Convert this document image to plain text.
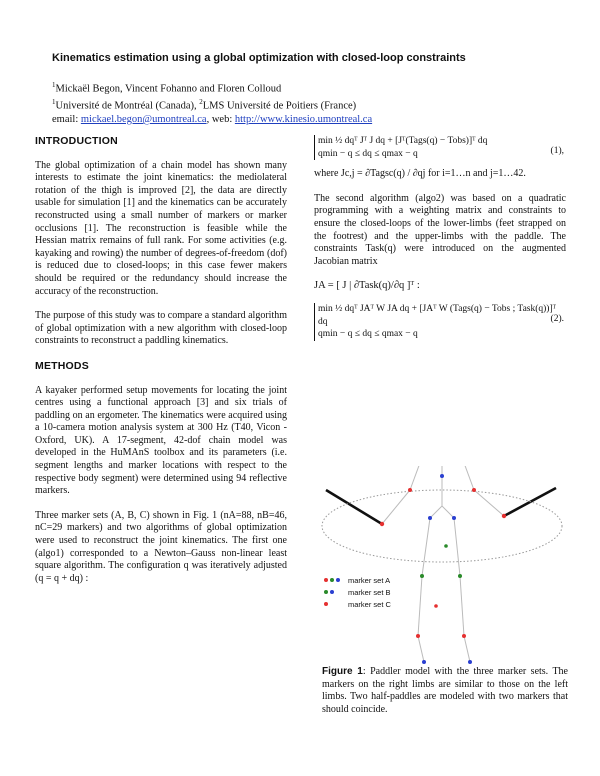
Kinematics estimation using a global optimization with closed-loop constraints
$^1$Mickaël Begon, Vincent Fohanno and Floren Colloud
$^1$Université de Montréal (Canada), $^2$LMS Université de Poitiers (France)
email: mickael.begon@umontreal.ca, web: http://www.kinesio.umontreal.ca
INTRODUCTION

The global optimization of a chain model has shown many interests to estimate the joint kinematics: the mediolateral rotation of the thigh is improved [2], the data are directly usable for simulation [1] and the kinematics can be accurately reconstructed using a small number of markers or marker occlusions [1]. The reconstruction is feasible while the Hessian matrix remains of full rank. For some activities (e.g. kayaking and rowing) the number of degrees-of-freedom (dof) is reduced due to closed-loops; in this case fewer makers should be required or the redundancy should increase the accuracy of the reconstruction.

The purpose of this study was to compare a standard algorithm of global optimization with a new algorithm with closed-loop constraints to reconstruct a paddling kinematics.

METHODS

A kayaker performed setup movements for locating the joint centres using a functional approach [3] and six trials of paddling on an ergometer. The kinematics were acquired using a 10-camera motion analysis system at 300 Hz (T40, Vicon - Oxford, UK). A 17-segment, 42-dof chain model was developed in the HuMAnS toolbox and its parameters (i.e. segment lengths and marker locations with respect to the respective body segment) were determined using 94 reflective markers.

Three marker sets (A, B, C) shown in Fig. 1 (nA=88, nB=46, nC=29 markers) and two algorithms of global optimization were used to reconstruct the joint kinematics. The first one (algo1) corresponded to a Newton–Gauss non-linear least square algorithm. The configuration q was iteratively adjusted (q = q + dq) :

min ½ dqᵀ Jᵀ J dq + [Jᵀ(Tags(q) − Tobs)]ᵀ dq
qmin − q ≤ dq ≤ qmax − q	(1),

where Jc,j = ∂Tagsc(q) / ∂qj for i=1…n and j=1…42.

The second algorithm (algo2) was based on a quadratic programming with a weighting matrix and constraints to ensure the closed-loops of the lower-limbs (feet strapped on the footrest) and the upper-limbs with the paddle. The constraints Task(q) were introduced on the augmented Jacobian matrix

JA = [ J | ∂Task(q)/∂q ]ᵀ :
min ½ dqᵀ JAᵀ W JA dq + [JAᵀ W (Tags(q) − Tobs ; Task(q))]ᵀ dq
qmin − q ≤ dq ≤ qmax − q
(2).
marker set A
marker set B
marker set C
Figure 1: Paddler model with the three marker sets. The markers on the right limbs are similar to those on the left limbs. Two half-paddles are modeled with two markers that should coincide.
